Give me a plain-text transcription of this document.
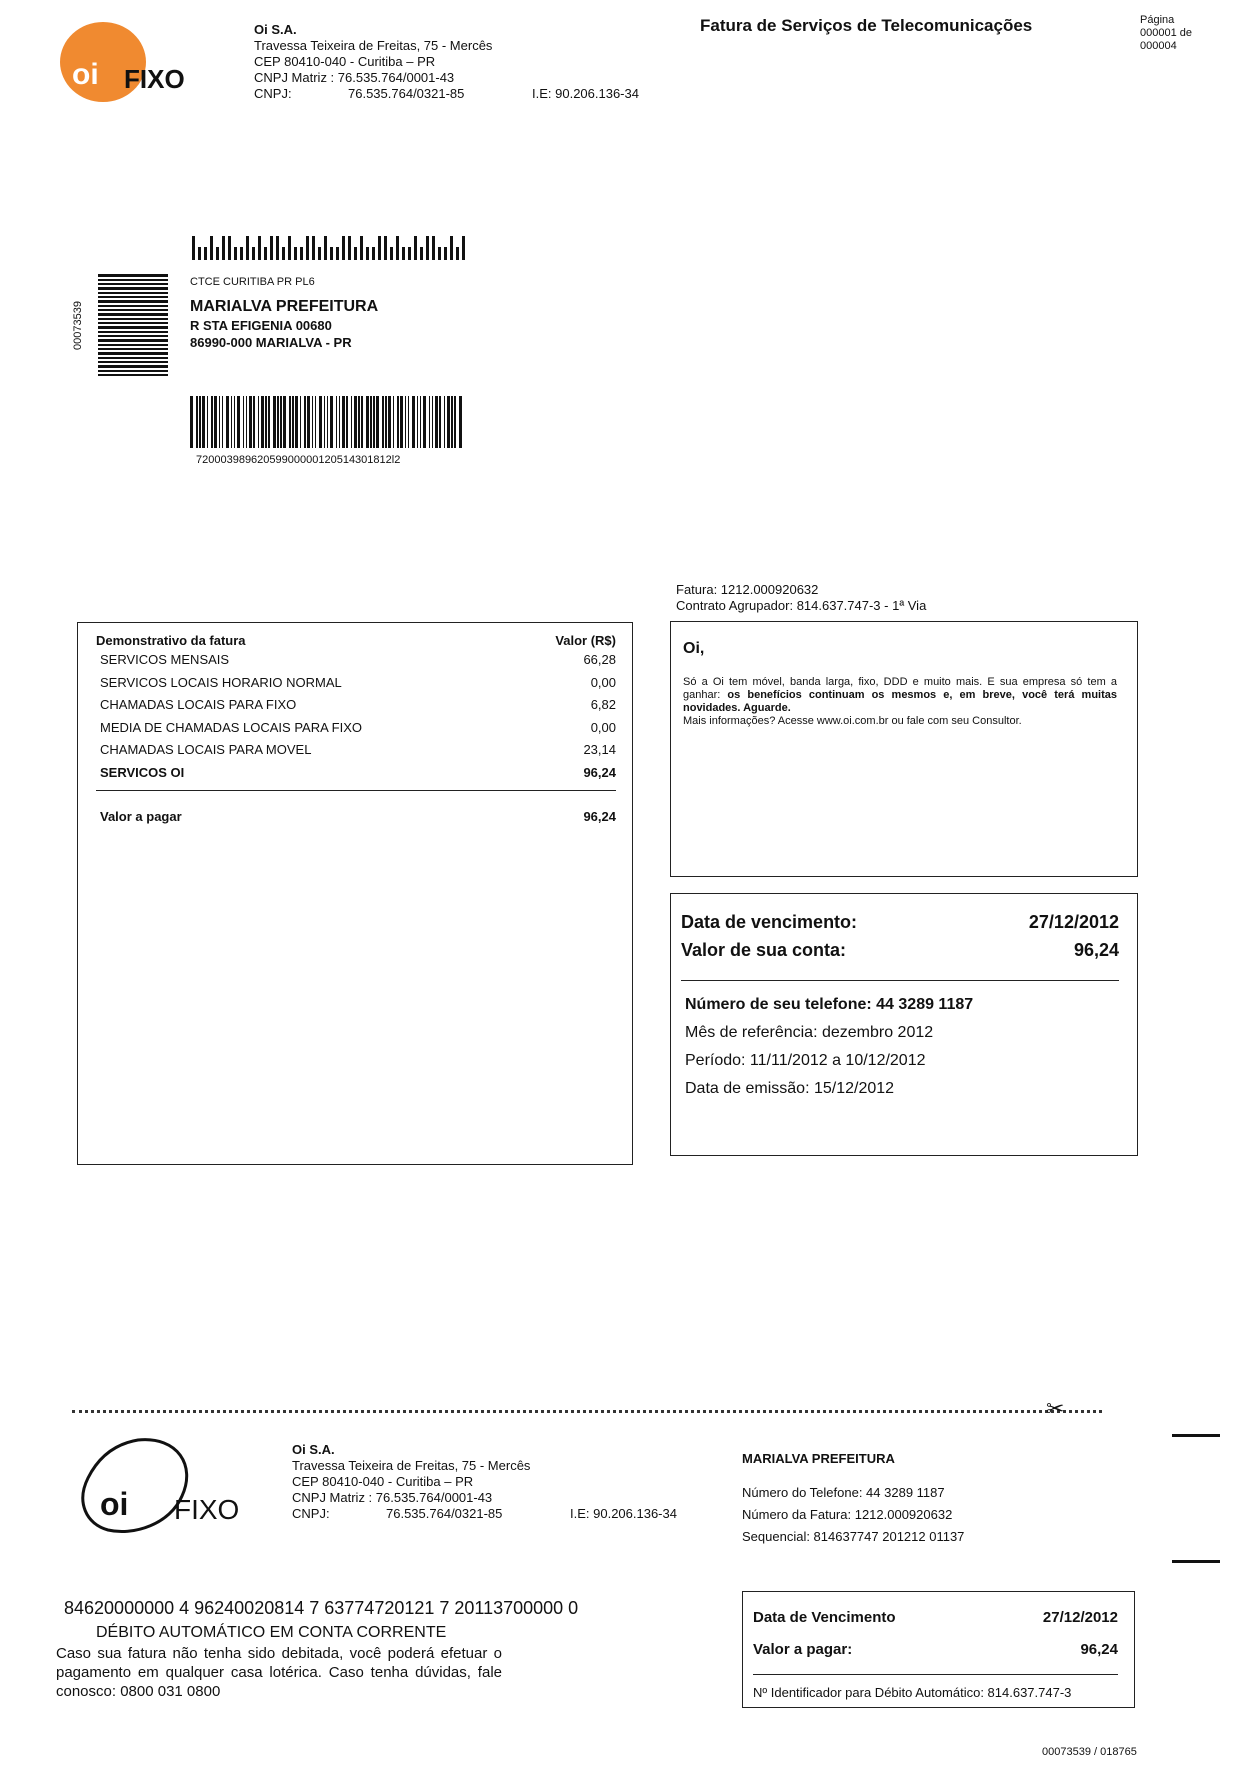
oi FIXO
Oi S.A.
Travessa Teixeira de Freitas, 75 - Mercês
CEP 80410-040 - Curitiba – PR
CNPJ Matriz : 76.535.764/0001-43
CNPJ:	76.535.764/0321-85	I.E: 90.206.136-34
Fatura de Serviços de Telecomunicações	Página
000001 de
000004
00073539
CTCE CURITIBA PR PL6
MARIALVA PREFEITURA
R STA EFIGENIA 00680
86990-000 MARIALVA - PR
72000398962059900000120514301812l2
Fatura: 1212.000920632
Contrato Agrupador: 814.637.747-3 - 1ª Via
Demonstrativo da fatura	Valor (R$)
SERVICOS MENSAIS	66,28
SERVICOS LOCAIS HORARIO NORMAL	0,00
CHAMADAS LOCAIS PARA FIXO	6,82
MEDIA DE CHAMADAS LOCAIS PARA FIXO	0,00
CHAMADAS LOCAIS PARA MOVEL	23,14
SERVICOS OI	96,24
Valor a pagar	96,24
Oi,
Só a Oi tem móvel, banda larga, fixo, DDD e muito mais. E sua empresa só tem a ganhar: os benefícios continuam os mesmos e, em breve, você terá muitas novidades. Aguarde.
Mais informações? Acesse www.oi.com.br ou fale com seu Consultor.
Data de vencimento:	27/12/2012
Valor de sua conta:	96,24
Número de seu telefone: 44 3289 1187
Mês de referência: dezembro 2012
Período: 11/11/2012 a 10/12/2012
Data de emissão: 15/12/2012
✂
oi FIXO
Oi S.A.
Travessa Teixeira de Freitas, 75 - Mercês
CEP 80410-040 - Curitiba – PR
CNPJ Matriz : 76.535.764/0001-43
CNPJ:	76.535.764/0321-85	I.E: 90.206.136-34
MARIALVA PREFEITURA
Número do Telefone: 44 3289 1187
Número da Fatura: 1212.000920632
Sequencial: 814637747 201212 01137
84620000000 4 96240020814 7 63774720121 7 20113700000 0
DÉBITO AUTOMÁTICO EM CONTA CORRENTE
Caso sua fatura não tenha sido debitada, você poderá efetuar o pagamento em qualquer casa lotérica. Caso tenha dúvidas, fale conosco: 0800 031 0800
Data de Vencimento	27/12/2012
Valor a pagar:	96,24
Nº Identificador para Débito Automático: 814.637.747-3
00073539 / 018765
